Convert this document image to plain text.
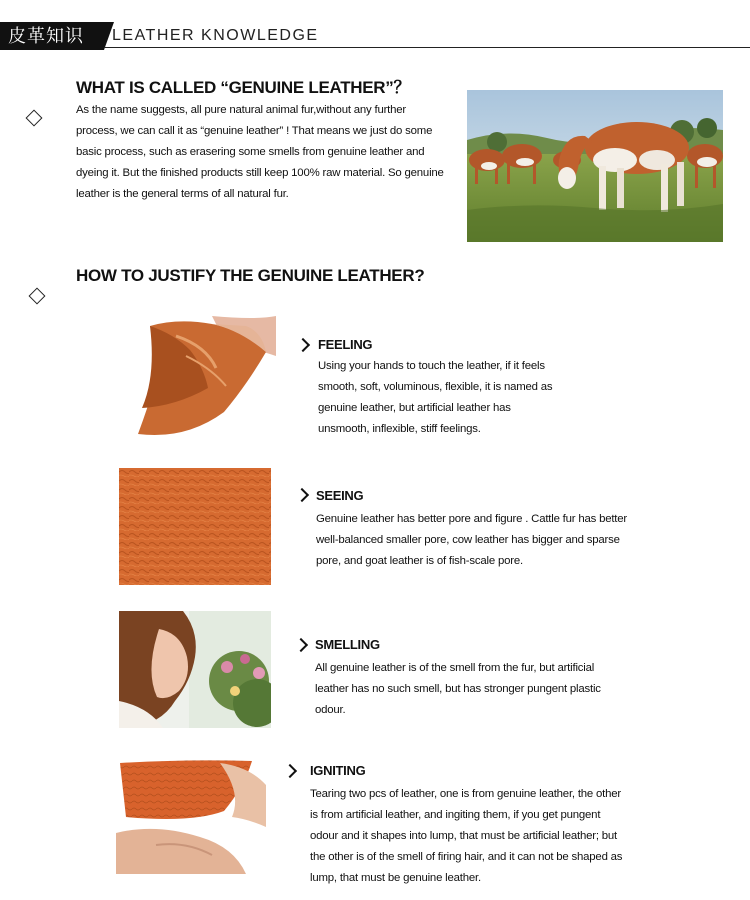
皮革知识	LEATHER KNOWLEDGE
WHAT IS CALLED “GENUINE LEATHER”？
As the name suggests, all pure natural animal fur,without any further
process, we can call it as “genuine leather” ! That means we just do some
basic process, such as erasering some smells from genuine leather and
dyeing it. But the finished products still keep 100% raw material. So genuine
leather is the general terms of all natural fur.
HOW TO JUSTIFY THE GENUINE LEATHER?
FEELING
Using your hands to touch the leather, if it feels
smooth, soft, voluminous, flexible, it is named as
genuine leather, but artificial leather has
unsmooth, inflexible, stiff feelings.
SEEING
Genuine leather has better pore and figure . Cattle fur has better
well-balanced smaller pore, cow leather has bigger and sparse
pore, and goat leather is of fish-scale pore.
SMELLING
All genuine leather is of the smell from the fur, but artificial
leather has no such smell, but has stronger pungent plastic
odour.
IGNITING
Tearing two pcs of leather, one is from genuine leather, the other
is from artificial leather, and ingiting them, if you get pungent
odour and it shapes into lump, that must be artificial leather; but
the other is of the smell of firing hair, and it can not be shaped as
lump, that must be genuine leather.
